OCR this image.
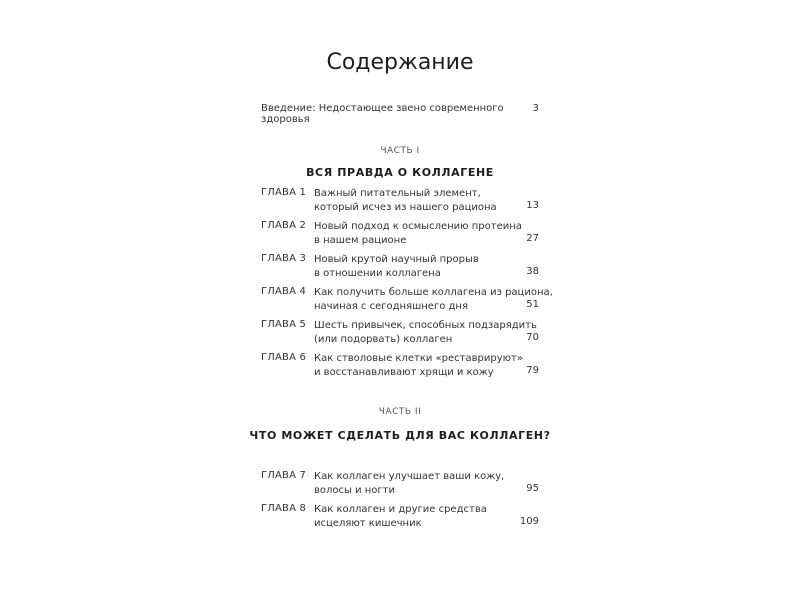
Содержание
Введение: Недостающее звено современного здоровья
3
ЧАСТЬ I
ВСЯ ПРАВДА О КОЛЛАГЕНЕ
ГЛАВА 1 Важный питательный элемент,
который исчез из нашего рациона	13
ГЛАВА 2 Новый подход к осмыслению протеина
в нашем рационе	27
ГЛАВА 3 Новый крутой научный прорыв
в отношении коллагена	38
ГЛАВА 4 Как получить больше коллагена из рациона,
начиная с сегодняшнего дня	51
ГЛАВА 5 Шесть привычек, способных подзарядить
(или подорвать) коллаген	70
ГЛАВА 6 Как стволовые клетки «реставрируют»
и восстанавливают хрящи и кожу	79
ЧАСТЬ II
ЧТО МОЖЕТ СДЕЛАТЬ ДЛЯ ВАС КОЛЛАГЕН?
ГЛАВА 7 Как коллаген улучшает ваши кожу,
волосы и ногти	95
ГЛАВА 8 Как коллаген и другие средства
исцеляют кишечник	109
